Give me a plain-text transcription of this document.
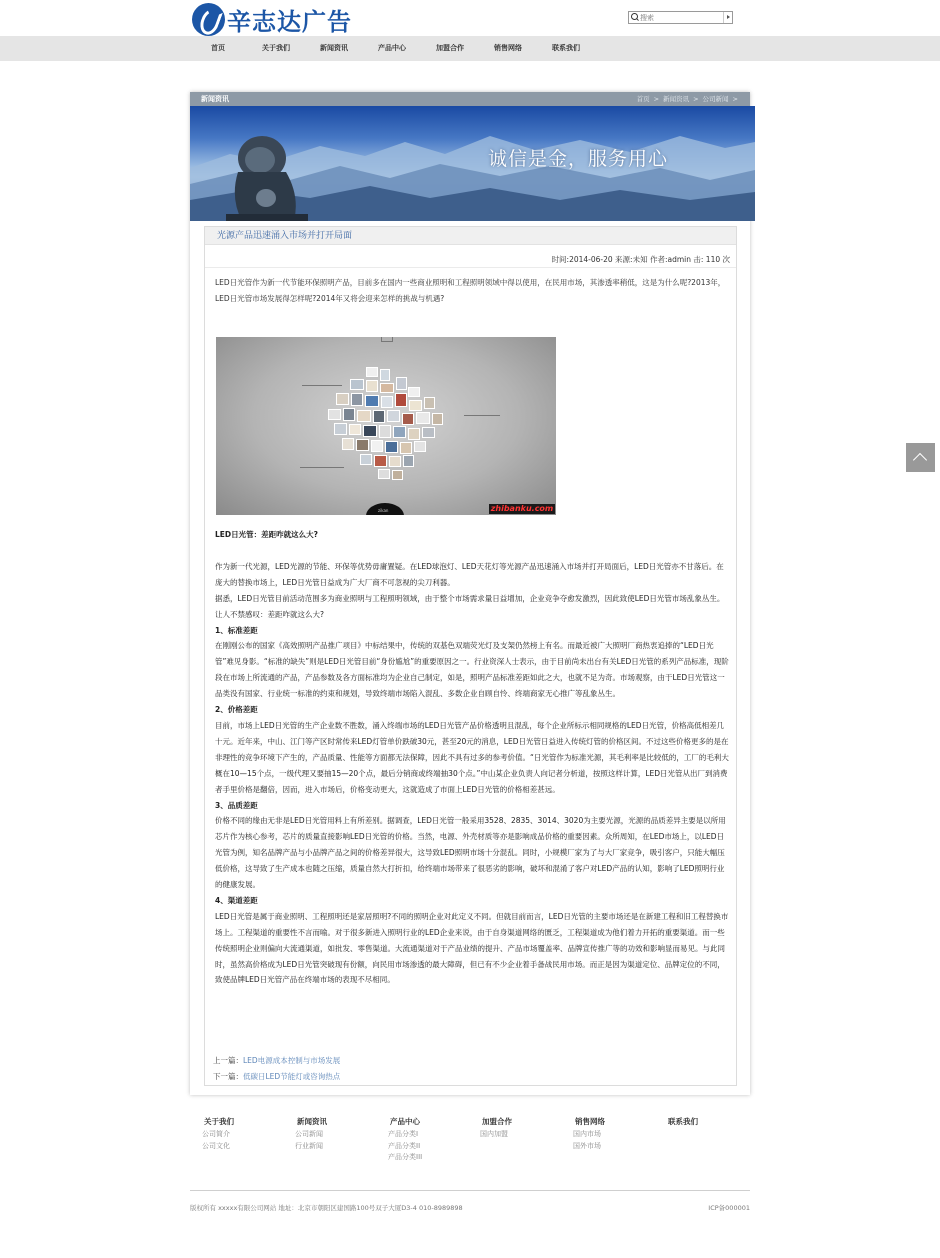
辛志达广告
搜索
首页	关于我们	新闻资讯	产品中心	加盟合作	销售网络	联系我们
新闻资讯	首页 > 新闻资讯 > 公司新闻 >
诚信是金，服务用心
光源产品迅速涌入市场并打开局面
时间:2014-06-20 来源:未知 作者:admin 击: 110 次
LED日光管作为新一代节能环保照明产品，目前多在国内一些商业照明和工程照明领域中得以使用，在民用市场，其渗透率稍低，这是为什么呢?2013年，LED日光管市场发展得怎样呢?2014年又将会迎来怎样的挑战与机遇?
zikan	zhibanku.com

LED日光管：差距咋就这么大?

作为新一代光源，LED光源的节能、环保等优势毋庸置疑。在LED球泡灯、LED天花灯等光源产品迅速涌入市场并打开局面后，LED日光管亦不甘落后。在庞大的替换市场上，LED日光管日益成为广大厂商不可忽视的尖刀利器。

据悉，LED日光管目前活动范围多为商业照明与工程照明领域，由于整个市场需求量日益增加，企业竞争夺愈发激烈，因此致使LED日光管市场乱象丛生。让人不禁感叹：差距咋就这么大?

1、标准差距

在刚刚公布的国家《高效照明产品推广项目》中标结果中，传统的双基色双端荧光灯及支架仍然榜上有名。而最近被广大照明厂商热衷追捧的“LED日光管”难见身影。“标准的缺失”则是LED日光管目前“身份尴尬”的重要原因之一。行业资深人士表示，由于目前尚未出台有关LED日光管的系列产品标准，现阶段在市场上所流通的产品，产品参数及各方面标准均为企业自己制定，如是，照明产品标准差距如此之大，也就不足为奇。市场观察，由于LED日光管这一品类没有国家、行业统一标准的约束和规划，导致终端市场陷入混乱、多数企业自顾自怜、终端商家无心推广等乱象丛生。

2、价格差距

目前，市场上LED日光管的生产企业数不胜数，涌入终端市场的LED日光管产品价格透明且混乱，每个企业所标示相同规格的LED日光管，价格高低相差几十元。近年来，中山、江门等产区时常传来LED灯管单价跌破30元，甚至20元的消息，LED日光管日益进入传统灯管的价格区间。不过这些价格更多的是在非理性的竞争环境下产生的，产品质量、性能等方面都无法保障，因此不具有过多的参考价值。“日光管作为标准光源，其毛利率是比较低的，工厂的毛利大概在10—15个点，一级代理又要抽15—20个点，最后分销商或终端抽30个点。”中山某企业负责人向记者分析道，按照这样计算，LED日光管从出厂到消费者手里价格是翻倍，因而，进入市场后，价格变动更大，这就造成了市面上LED日光管的价格相差甚远。

3、品质差距

价格不同的缘由无非是LED日光管用料上有所差别。据调查，LED日光管一般采用3528、2835、3014、3020为主要光源，光源的品质差异主要是以所用芯片作为核心参考，芯片的质量直接影响LED日光管的价格。当然，电源、外壳材质等亦是影响成品价格的重要因素。众所周知，在LED市场上，以LED日光管为例，知名品牌产品与小品牌产品之间的价格差异很大，这导致LED照明市场十分混乱。同时，小规模厂家为了与大厂家竞争，吸引客户，只能大幅压低价格，这导致了生产成本也随之压缩，质量自然大打折扣，给终端市场带来了很恶劣的影响，破坏和混淆了客户对LED产品的认知，影响了LED照明行业的健康发展。

4、渠道差距

LED日光管是属于商业照明、工程照明还是家居照明?不同的照明企业对此定义不同。但就目前而言，LED日光管的主要市场还是在新建工程和旧工程替换市场上。工程渠道的重要性不言而喻。对于很多新进入照明行业的LED企业来说，由于自身渠道网络的匮乏，工程渠道成为他们着力开拓的重要渠道。而一些传统照明企业则偏向大流通渠道，如批发、零售渠道。大流通渠道对于产品业绩的提升、产品市场覆盖率、品牌宣传推广等的功效和影响显而易见。与此同时，虽然高价格成为LED日光管突破现有份额，向民用市场渗透的最大障碍，但已有不少企业着手备战民用市场。而正是因为渠道定位、品牌定位的不同，致使品牌LED日光管产品在终端市场的表现不尽相同。

上一篇：LED电源成本控制与市场发展
下一篇：低碳日LED节能灯或咨询热点
关于我们
公司简介
公司文化
新闻资讯
公司新闻
行业新闻
产品中心
产品分类I
产品分类II
产品分类III
加盟合作
国内加盟
销售网络
国内市场
国外市场
联系我们
版权所有 xxxxx有限公司网站 地址：北京市朝阳区建国路100号双子大厦D3-4 010-8989898	ICP备000001
